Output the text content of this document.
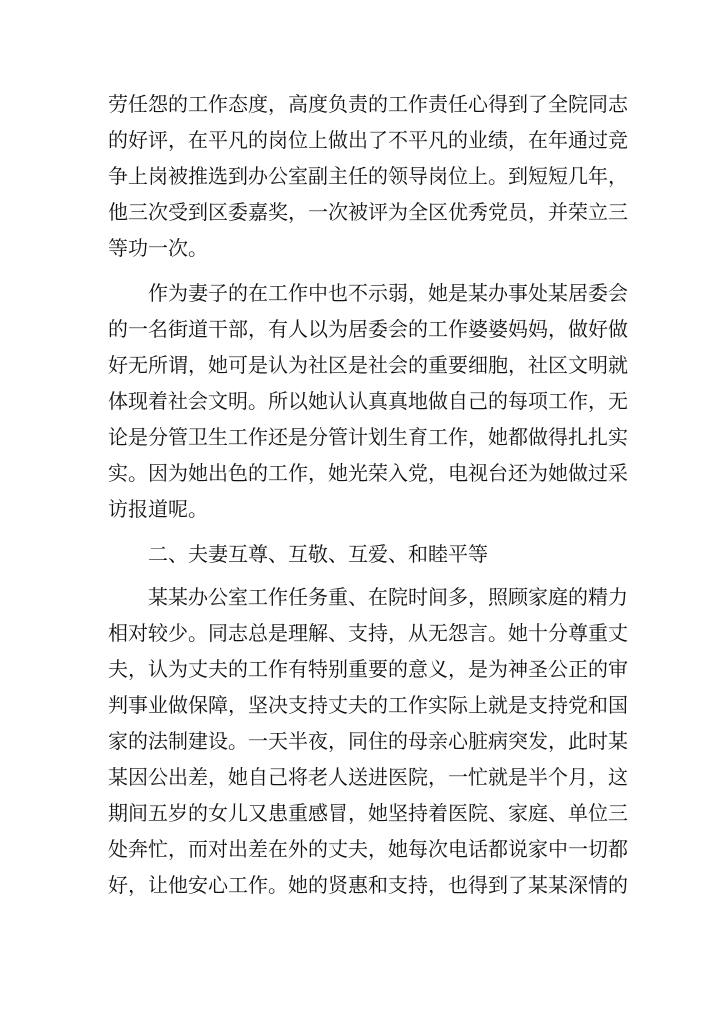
劳任怨的工作态度，高度负责的工作责任心得到了全院同志
的好评，在平凡的岗位上做出了不平凡的业绩，在年通过竞
争上岗被推选到办公室副主任的领导岗位上。到短短几年，
他三次受到区委嘉奖，一次被评为全区优秀党员，并荣立三
等功一次。
作为妻子的在工作中也不示弱，她是某办事处某居委会
的一名街道干部，有人以为居委会的工作婆婆妈妈，做好做
好无所谓，她可是认为社区是社会的重要细胞，社区文明就
体现着社会文明。所以她认认真真地做自己的每项工作，无
论是分管卫生工作还是分管计划生育工作，她都做得扎扎实
实。因为她出色的工作，她光荣入党，电视台还为她做过采
访报道呢。
二、夫妻互尊、互敬、互爱、和睦平等
某某办公室工作任务重、在院时间多，照顾家庭的精力
相对较少。同志总是理解、支持，从无怨言。她十分尊重丈
夫，认为丈夫的工作有特别重要的意义，是为神圣公正的审
判事业做保障，坚决支持丈夫的工作实际上就是支持党和国
家的法制建设。一天半夜，同住的母亲心脏病突发，此时某
某因公出差，她自己将老人送进医院，一忙就是半个月，这
期间五岁的女儿又患重感冒，她坚持着医院、家庭、单位三
处奔忙，而对出差在外的丈夫，她每次电话都说家中一切都
好，让他安心工作。她的贤惠和支持，也得到了某某深情的
